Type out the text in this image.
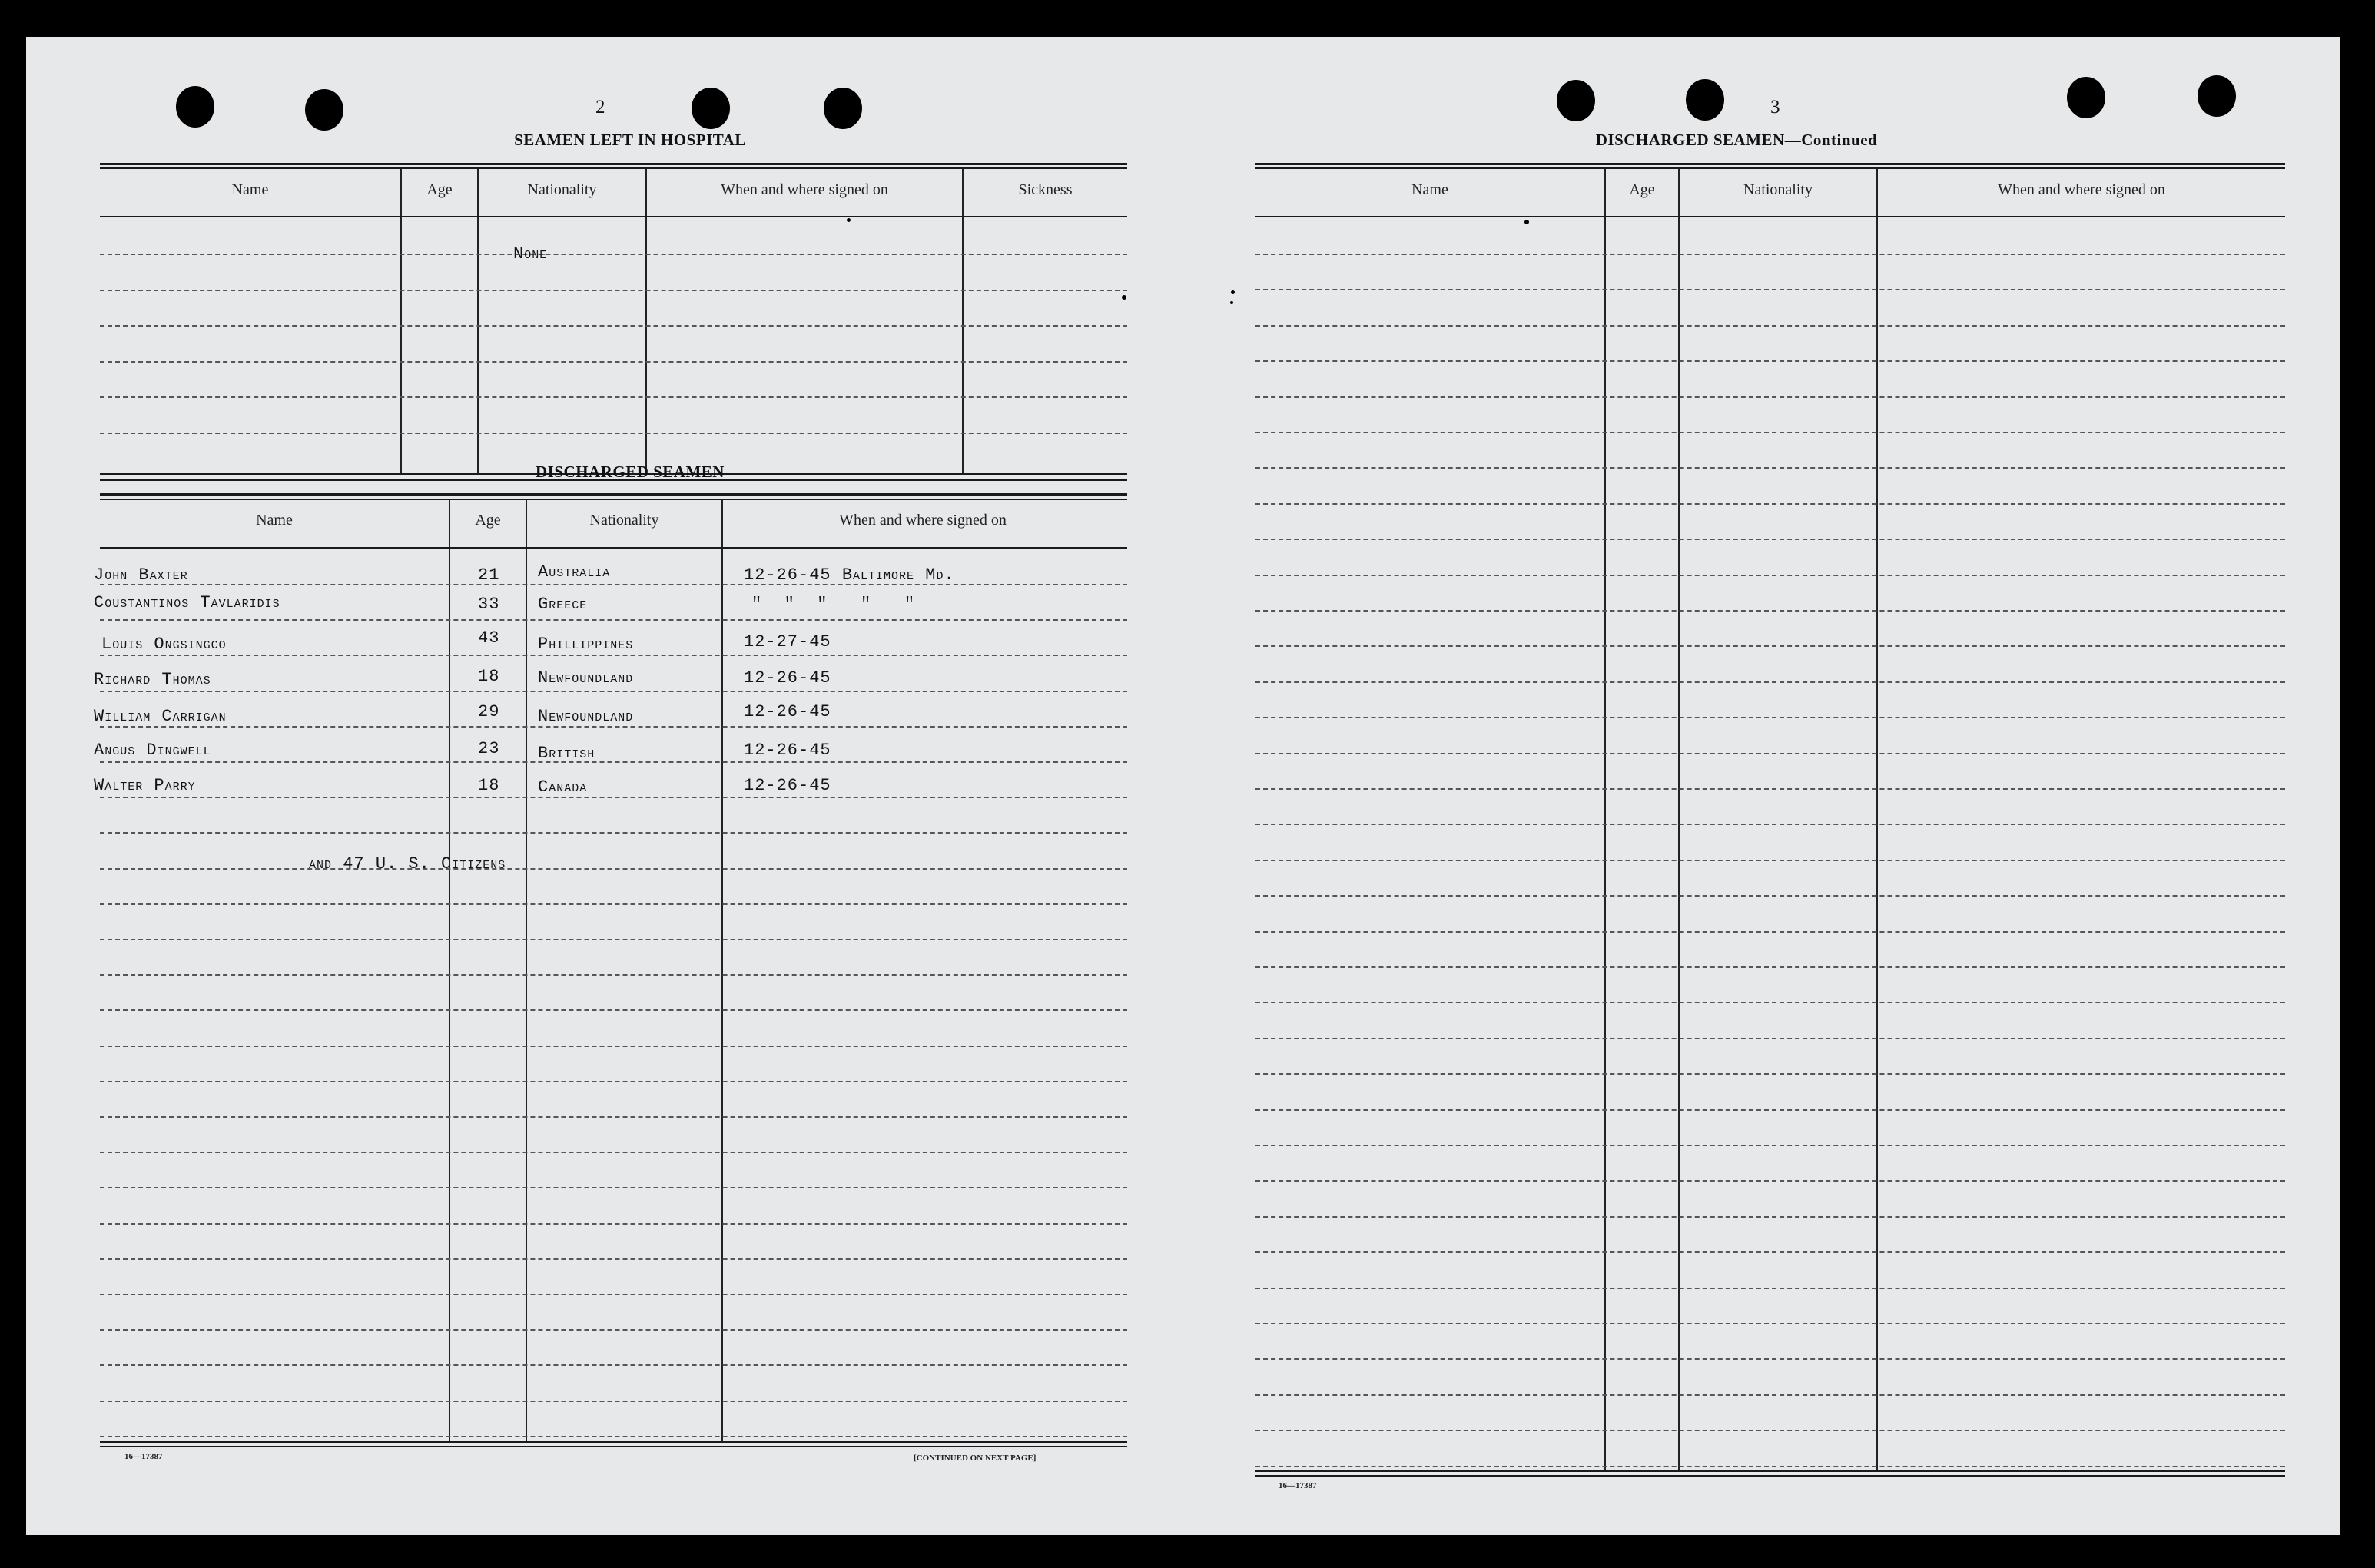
2	3
SEAMEN LEFT IN HOSPITAL
Name	Age	Nationality	When and where signed on	Sickness
None
DISCHARGED SEAMEN
Name	Age	Nationality	When and where signed on
John Baxter	21 Australia	12-26-45 Baltimore Md.
Coustantinos Tavlaridis	33 Greece	"  "  "   "   "
Louis Ongsingco	43 Phillippines	12-27-45
Richard Thomas	18 Newfoundland	12-26-45
William Carrigan	29 Newfoundland	12-26-45
Angus Dingwell	23 British	12-26-45
Walter Parry	18 Canada	12-26-45
and 47 U. S. Citizens
16—17387	[CONTINUED ON NEXT PAGE]
DISCHARGED SEAMEN—Continued
Name	Age	Nationality	When and where signed on
16—17387
